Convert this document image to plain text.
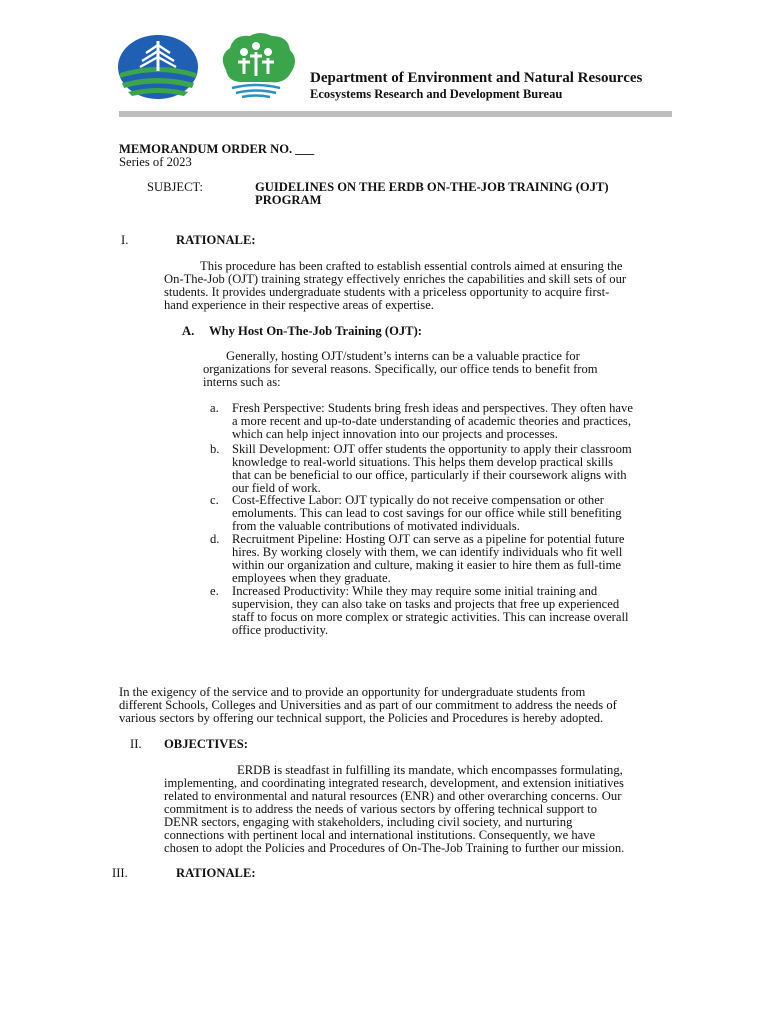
Department of Environment and Natural Resources
Ecosystems Research and Development Bureau
MEMORANDUM ORDER NO. ___
Series of 2023
SUBJECT:	GUIDELINES ON THE ERDB ON-THE-JOB TRAINING (OJT)
PROGRAM
I.	RATIONALE:
This procedure has been crafted to establish essential controls aimed at ensuring the
On-The-Job (OJT) training strategy effectively enriches the capabilities and skill sets of our
students. It provides undergraduate students with a priceless opportunity to acquire first-
hand experience in their respective areas of expertise.
A. Why Host On-The-Job Training (OJT):
Generally, hosting OJT/student’s interns can be a valuable practice for
organizations for several reasons. Specifically, our office tends to benefit from
interns such as:
a.	Fresh Perspective: Students bring fresh ideas and perspectives. They often have
a more recent and up-to-date understanding of academic theories and practices,
which can help inject innovation into our projects and processes.
b. Skill Development: OJT offer students the opportunity to apply their classroom
knowledge to real-world situations. This helps them develop practical skills
that can be beneficial to our office, particularly if their coursework aligns with
our field of work.
c.	Cost-Effective Labor: OJT typically do not receive compensation or other
emoluments. This can lead to cost savings for our office while still benefiting
from the valuable contributions of motivated individuals.
d. Recruitment Pipeline: Hosting OJT can serve as a pipeline for potential future
hires. By working closely with them, we can identify individuals who fit well
within our organization and culture, making it easier to hire them as full-time
employees when they graduate.
e.	Increased Productivity: While they may require some initial training and
supervision, they can also take on tasks and projects that free up experienced
staff to focus on more complex or strategic activities. This can increase overall
office productivity.
In the exigency of the service and to provide an opportunity for undergraduate students from
different Schools, Colleges and Universities and as part of our commitment to address the needs of
various sectors by offering our technical support, the Policies and Procedures is hereby adopted.
II. OBJECTIVES:
ERDB is steadfast in fulfilling its mandate, which encompasses formulating,
implementing, and coordinating integrated research, development, and extension initiatives
related to environmental and natural resources (ENR) and other overarching concerns. Our
commitment is to address the needs of various sectors by offering technical support to
DENR sectors, engaging with stakeholders, including civil society, and nurturing
connections with pertinent local and international institutions. Consequently, we have
chosen to adopt the Policies and Procedures of On-The-Job Training to further our mission.
III.	RATIONALE:
